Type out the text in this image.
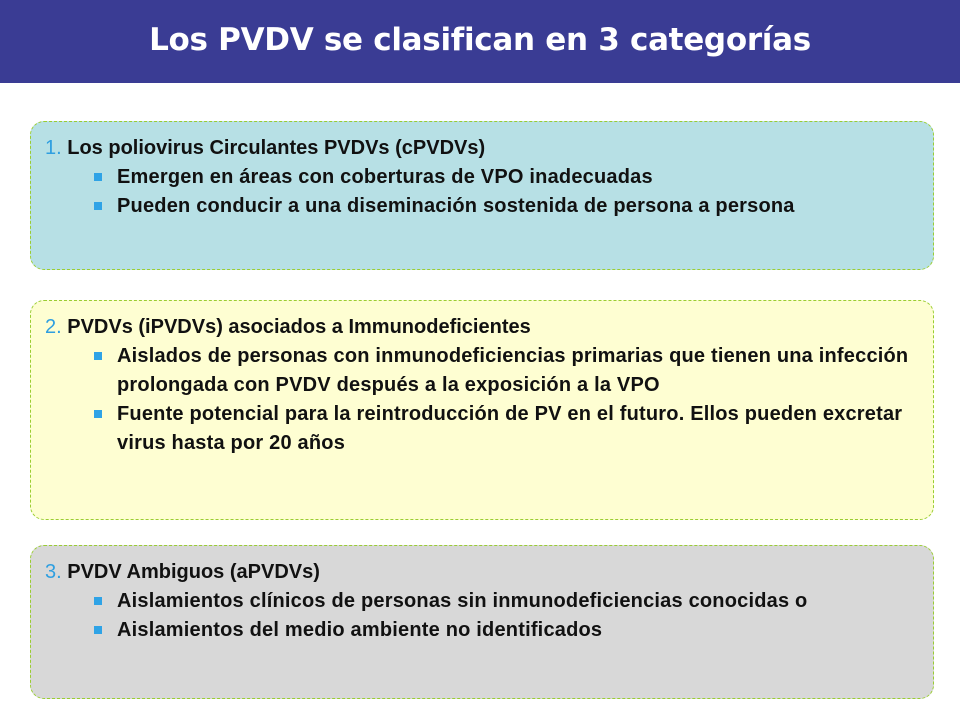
Los PVDV se clasifican en 3 categorías
1. Los poliovirus Circulantes PVDVs (cPVDVs)
Emergen en áreas con coberturas de VPO inadecuadas
Pueden conducir a una diseminación sostenida de persona a persona
2. PVDVs (iPVDVs) asociados a Immunodeficientes
Aislados de personas con inmunodeficiencias primarias que tienen una infección prolongada con PVDV después a la exposición a la VPO
Fuente potencial para la reintroducción de PV en el futuro. Ellos pueden excretar virus hasta por 20 años
3. PVDV Ambiguos (aPVDVs)
Aislamientos clínicos de personas sin inmunodeficiencias conocidas o
Aislamientos del medio ambiente no identificados
